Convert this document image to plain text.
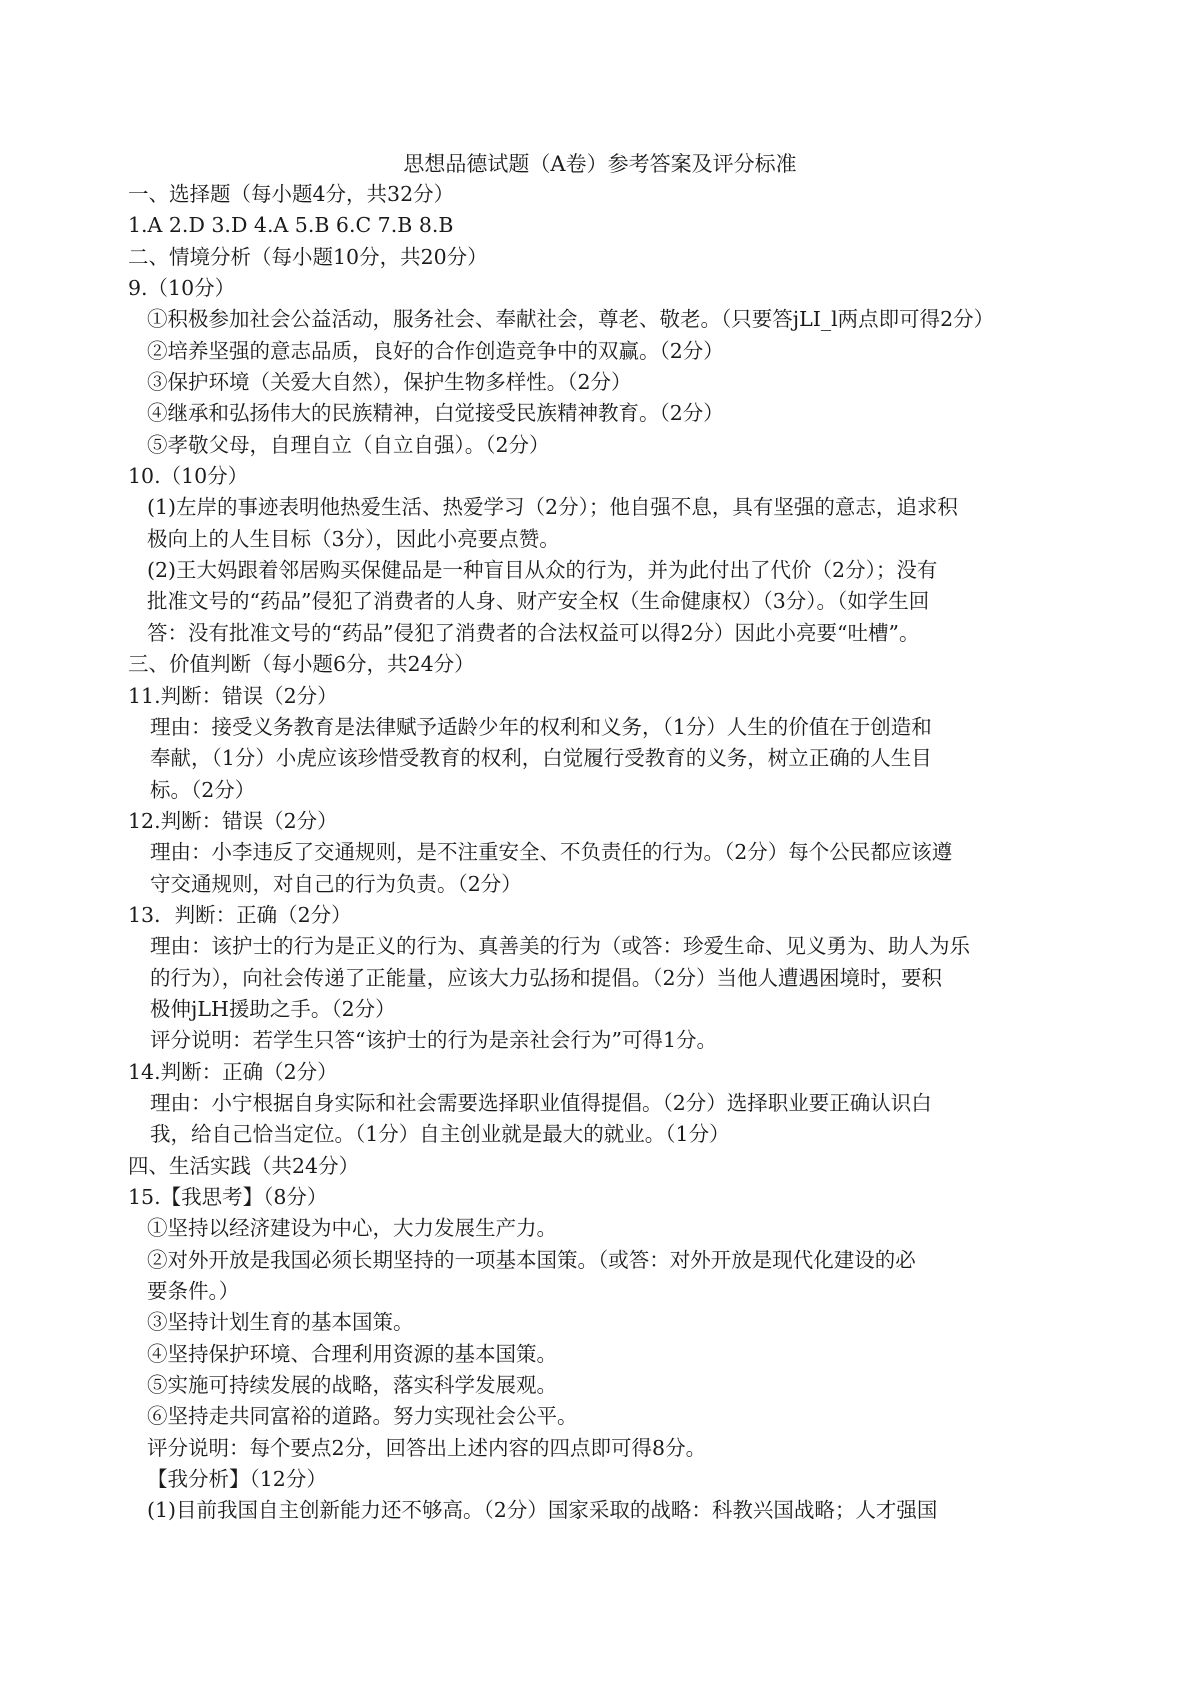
思想品德试题（A卷）参考答案及评分标准
一、选择题（每小题4分，共32分）
1.A 2.D 3.D 4.A 5.B 6.C 7.B 8.B
二、情境分析（每小题10分，共20分）
9.（10分）
①积极参加社会公益活动，服务社会、奉献社会，尊老、敬老。（只要答jLI_l两点即可得2分）
②培养坚强的意志品质，良好的合作创造竞争中的双赢。（2分）
③保护环境（关爱大自然），保护生物多样性。（2分）
④继承和弘扬伟大的民族精神，白觉接受民族精神教育。（2分）
⑤孝敬父母，自理自立（自立自强）。（2分）
10.（10分）
(1)左岸的事迹表明他热爱生活、热爱学习（2分）；他自强不息，具有坚强的意志，追求积
极向上的人生目标（3分），因此小亮要点赞。
(2)王大妈跟着邻居购买保健品是一种盲目从众的行为，并为此付出了代价（2分）；没有
批准文号的“药品”侵犯了消费者的人身、财产安全权（生命健康权）（3分）。（如学生回
答：没有批准文号的“药品”侵犯了消费者的合法权益可以得2分）因此小亮要“吐槽”。
三、价值判断（每小题6分，共24分）
11.判断：错误（2分）
理由：接受义务教育是法律赋予适龄少年的权利和义务，（1分）人生的价值在于创造和
奉献，（1分）小虎应该珍惜受教育的权利，白觉履行受教育的义务，树立正确的人生目
标。（2分）
12.判断：错误（2分）
理由：小李违反了交通规则，是不注重安全、不负责任的行为。（2分）每个公民都应该遵
守交通规则，对自己的行为负责。（2分）
13．判断：正确（2分）
理由：该护士的行为是正义的行为、真善美的行为（或答：珍爱生命、见义勇为、助人为乐
的行为），向社会传递了正能量，应该大力弘扬和提倡。（2分）当他人遭遇困境时，要积
极伸jLH援助之手。（2分）
评分说明：若学生只答“该护士的行为是亲社会行为”可得1分。
14.判断：正确（2分）
理由：小宁根据自身实际和社会需要选择职业值得提倡。（2分）选择职业要正确认识白
我，给自己恰当定位。（1分）自主创业就是最大的就业。（1分）
四、生活实践（共24分）
15.【我思考】（8分）
①坚持以经济建设为中心，大力发展生产力。
②对外开放是我国必须长期坚持的一项基本国策。（或答：对外开放是现代化建设的必
要条件。）
③坚持计划生育的基本国策。
④坚持保护环境、合理利用资源的基本国策。
⑤实施可持续发展的战略，落实科学发展观。
⑥坚持走共同富裕的道路。努力实现社会公平。
评分说明：每个要点2分，回答出上述内容的四点即可得8分。
【我分析】（12分）
(1)目前我国自主创新能力还不够高。（2分）国家采取的战略：科教兴国战略；人才强国
